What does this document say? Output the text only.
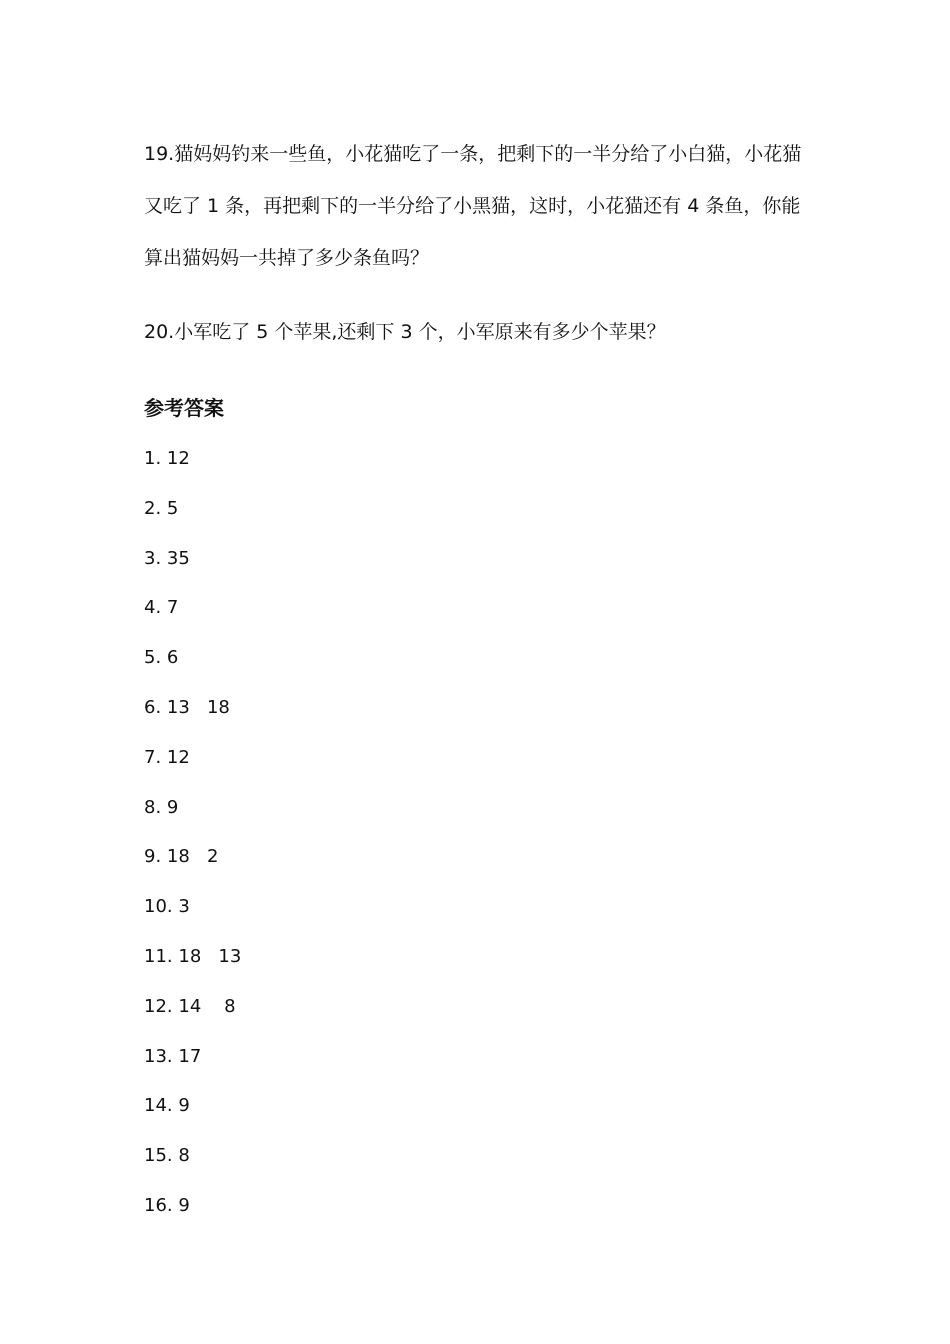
19.猫妈妈钓来一些鱼，小花猫吃了一条，把剩下的一半分给了小白猫，小花猫又吃了 1 条，再把剩下的一半分给了小黑猫，这时，小花猫还有 4 条鱼，你能算出猫妈妈一共掉了多少条鱼吗？

20.小军吃了 5 个苹果,还剩下 3 个，小军原来有多少个苹果？

参考答案
1. 12
2. 5
3. 35
4. 7
5. 6
6. 13   18
7. 12
8. 9
9. 18   2
10. 3
11. 18   13
12. 14    8
13. 17
14. 9
15. 8
16. 9
